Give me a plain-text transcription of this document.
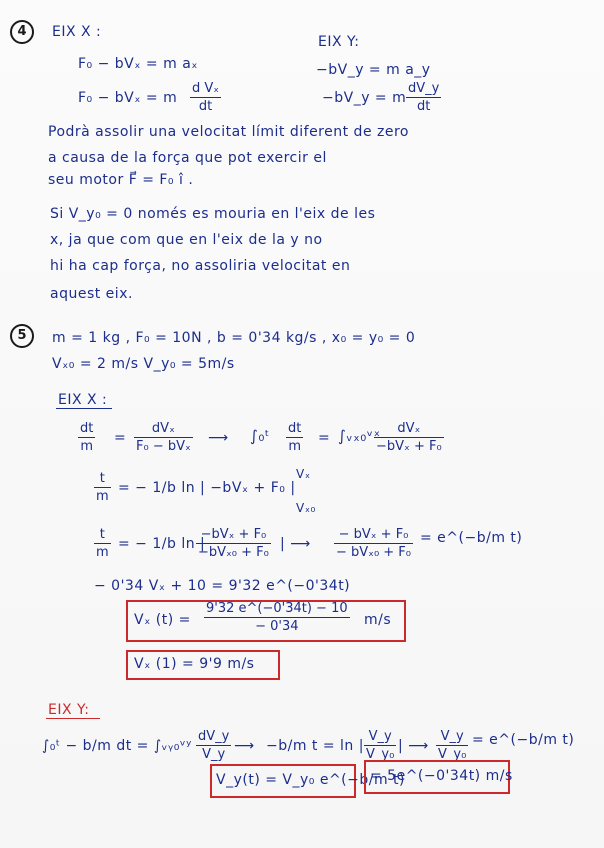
4	EIX X :
EIX Y:
F₀ − bVₓ = m aₓ	−bV_y = m a_y
F₀ − bVₓ = m $\frac{\text{d Vₓ}}{dt}$	−bV_y = m $\frac{dV\_y}{dt}$
Podrà assolir una velocitat límit diferent de zero
a causa de la força que pot exercir el
seu motor F⃗ = F₀ î .
Si V_y₀ = 0 només es mouria en l'eix de les
x, ja que com que en l'eix de la y no
hi ha cap força, no assoliria velocitat en
aquest eix.
5	m = 1 kg , F₀ = 10N , b = 0'34 kg/s , x₀ = y₀ = 0
Vₓ₀ = 2 m/s V_y₀ = 5m/s
EIX X :
$\frac{dt}{m}$ =
dVₓ
F₀ − bVₓ
⟶ ∫₀ᵗ $\frac{dt}{m}$ = ∫ᵥₓ₀ᵛˣ	dVₓ
−bVₓ + F₀
$\frac{t}{m}$ = − 1/b ln | −bVₓ + F₀ |
Vₓ
Vₓ₀
$\frac{t}{m}$ = − 1/b ln |
−bVₓ + F₀
−bVₓ₀ + F₀
| ⟶
− bVₓ + F₀
− bVₓ₀ + F₀
= e^(−b/m t)
− 0'34 Vₓ + 10 = 9'32 e^(−0'34t)
Vₓ $(t) = \frac{9'32 e\^{}(-0'34t) - 10}{- 0'34} m/s$
Vₓ (1) = 9'9 m/s
EIX Y:
∫₀ᵗ − b/m dt = ∫ᵥᵧ₀ᵛʸ $\frac{dV\_y}{V\_y}$ ⟶ −b/m t = ln | $\frac{V\_y}{\text{V\_y₀}}$ | ⟶ $\frac{V\_y}{\text{V\_y₀}}$ = e^(−b/m t)
V_y(t) = V_y₀ e^(−b/m t)
= 5e^(−0'34t) m/s
